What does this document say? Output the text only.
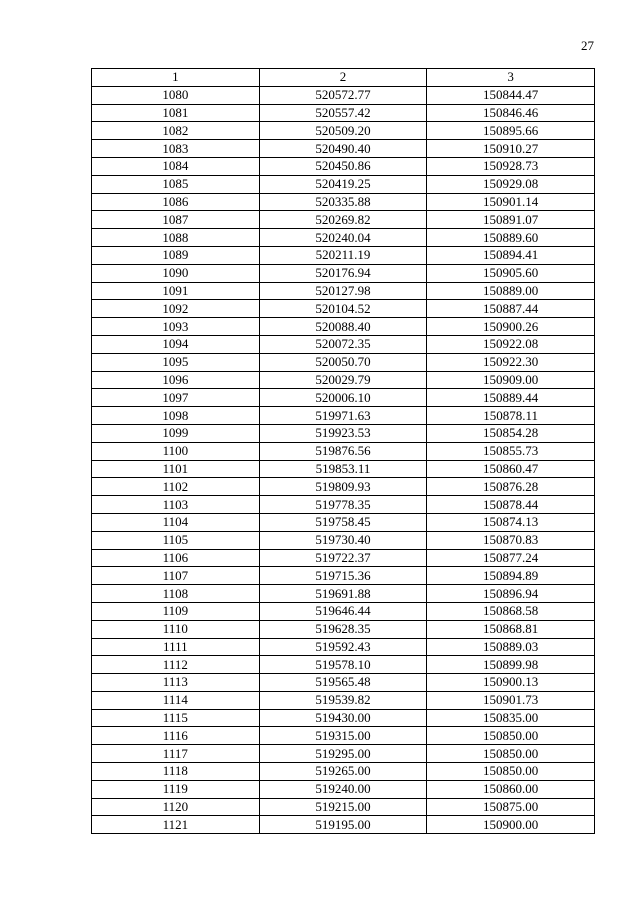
27
1	2	3
1080	520572.77	150844.47
1081	520557.42	150846.46
1082	520509.20	150895.66
1083	520490.40	150910.27
1084	520450.86	150928.73
1085	520419.25	150929.08
1086	520335.88	150901.14
1087	520269.82	150891.07
1088	520240.04	150889.60
1089	520211.19	150894.41
1090	520176.94	150905.60
1091	520127.98	150889.00
1092	520104.52	150887.44
1093	520088.40	150900.26
1094	520072.35	150922.08
1095	520050.70	150922.30
1096	520029.79	150909.00
1097	520006.10	150889.44
1098	519971.63	150878.11
1099	519923.53	150854.28
1100	519876.56	150855.73
1101	519853.11	150860.47
1102	519809.93	150876.28
1103	519778.35	150878.44
1104	519758.45	150874.13
1105	519730.40	150870.83
1106	519722.37	150877.24
1107	519715.36	150894.89
1108	519691.88	150896.94
1109	519646.44	150868.58
1110	519628.35	150868.81
1111	519592.43	150889.03
1112	519578.10	150899.98
1113	519565.48	150900.13
1114	519539.82	150901.73
1115	519430.00	150835.00
1116	519315.00	150850.00
1117	519295.00	150850.00
1118	519265.00	150850.00
1119	519240.00	150860.00
1120	519215.00	150875.00
1121	519195.00	150900.00
